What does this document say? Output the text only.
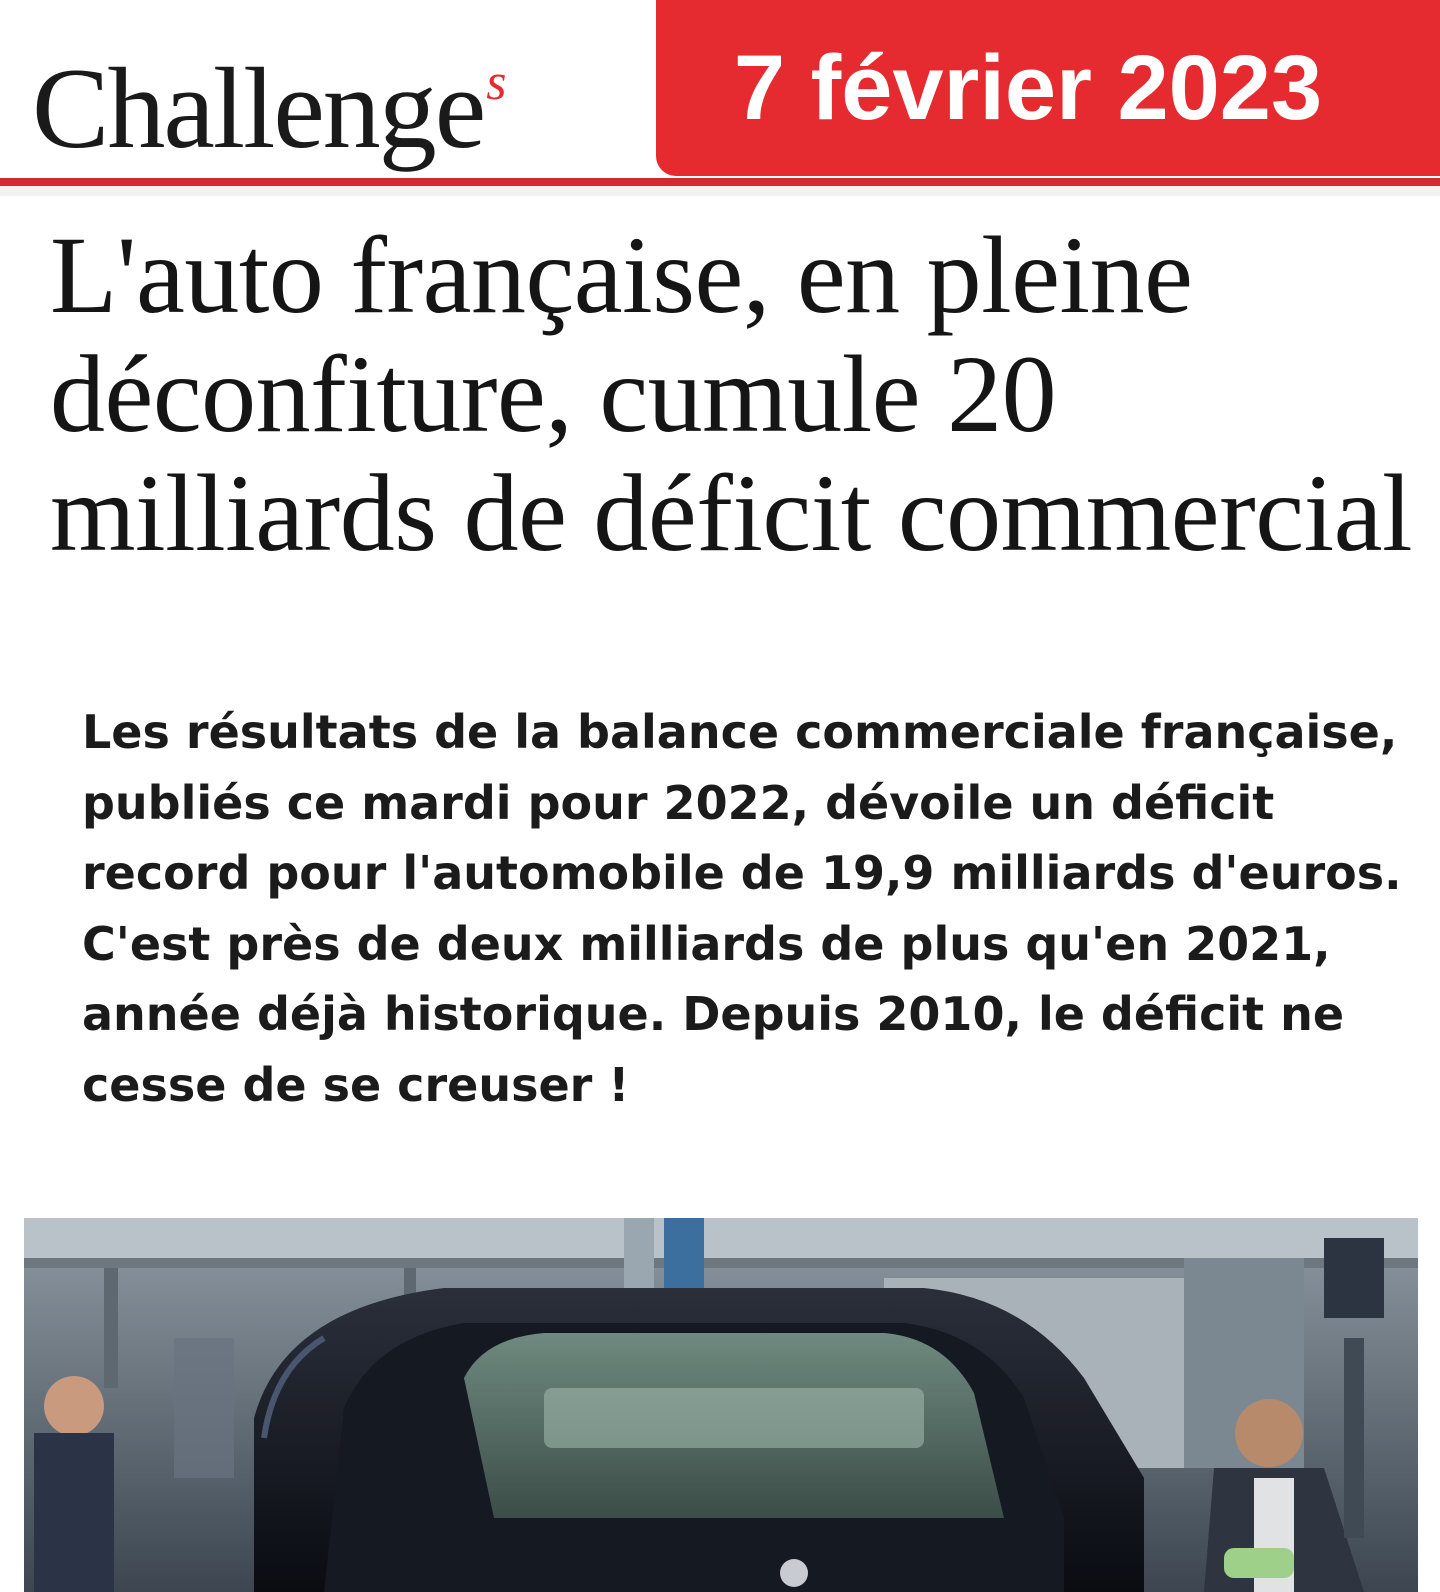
Challenge$^s$ 7 février 2023
L'auto française, en pleine déconfiture, cumule 20 milliards de déficit commercial

Les résultats de la balance commerciale française, publiés ce mardi pour 2022, dévoile un déficit record pour l'automobile de 19,9 milliards d'euros. C'est près de deux milliards de plus qu'en 2021, année déjà historique. Depuis 2010, le déficit ne cesse de se creuser !
